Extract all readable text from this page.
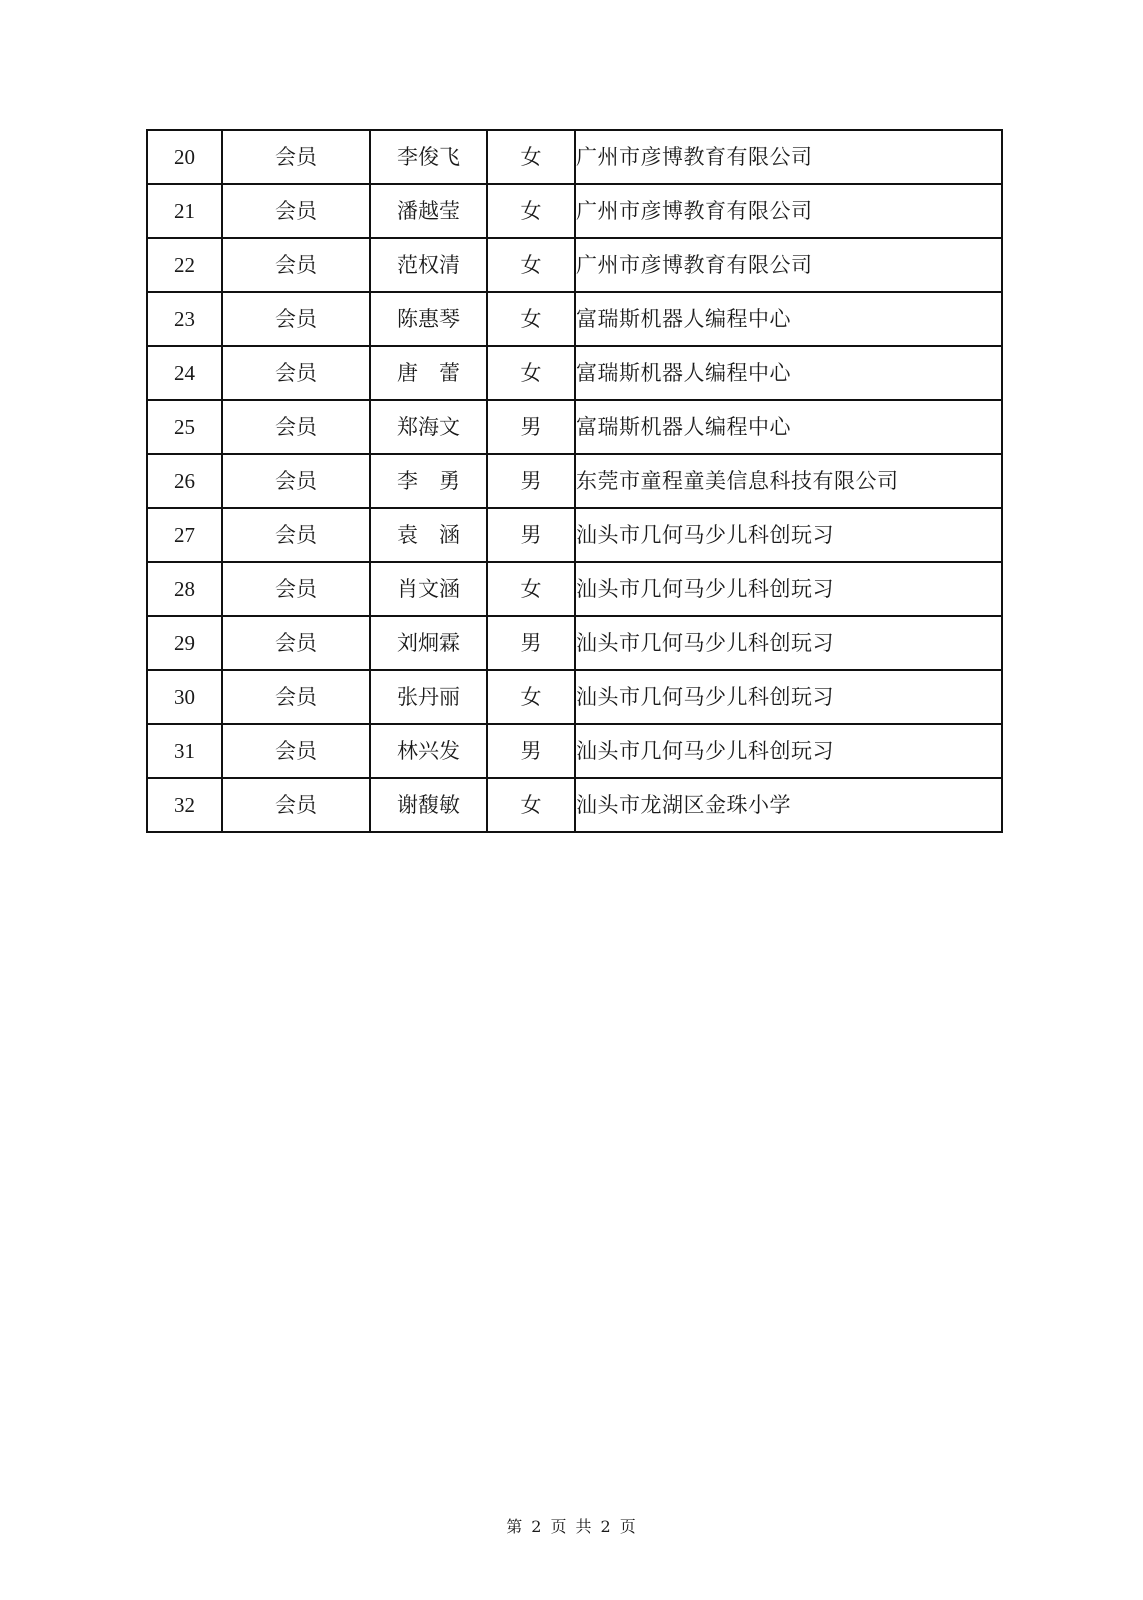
20	会员	李俊飞	女	广州市彦博教育有限公司
21	会员	潘越莹	女	广州市彦博教育有限公司
22	会员	范权清	女	广州市彦博教育有限公司
23	会员	陈惠琴	女	富瑞斯机器人编程中心
24	会员	唐　蕾	女	富瑞斯机器人编程中心
25	会员	郑海文	男	富瑞斯机器人编程中心
26	会员	李　勇	男	东莞市童程童美信息科技有限公司
27	会员	袁　涵	男	汕头市几何马少儿科创玩习
28	会员	肖文涵	女	汕头市几何马少儿科创玩习
29	会员	刘炯霖	男	汕头市几何马少儿科创玩习
30	会员	张丹丽	女	汕头市几何马少儿科创玩习
31	会员	林兴发	男	汕头市几何马少儿科创玩习
32	会员	谢馥敏	女	汕头市龙湖区金珠小学
第 2 页 共 2 页
